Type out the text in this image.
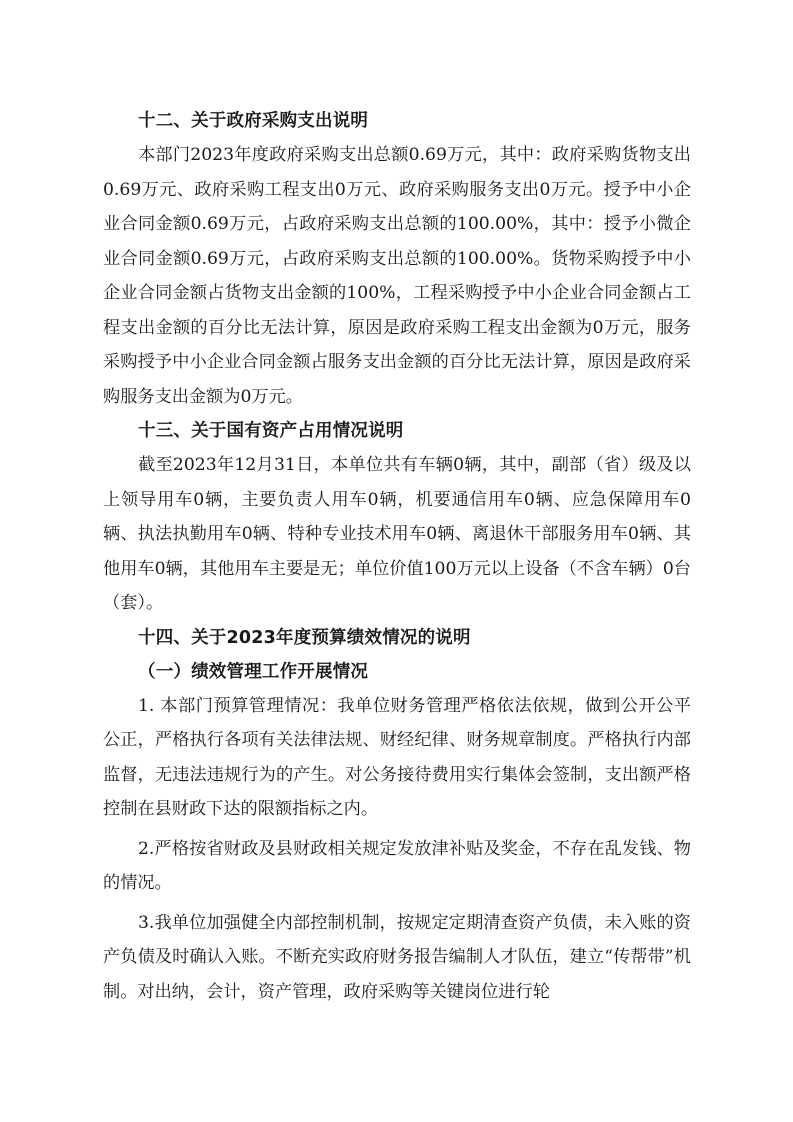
十二、关于政府采购支出说明

本部门2023年度政府采购支出总额0.69万元，其中：政府采购货物支出0.69万元、政府采购工程支出0万元、政府采购服务支出0万元。授予中小企业合同金额0.69万元，占政府采购支出总额的100.00%，其中：授予小微企业合同金额0.69万元，占政府采购支出总额的100.00%。货物采购授予中小企业合同金额占货物支出金额的100%，工程采购授予中小企业合同金额占工程支出金额的百分比无法计算，原因是政府采购工程支出金额为0万元，服务采购授予中小企业合同金额占服务支出金额的百分比无法计算，原因是政府采购服务支出金额为0万元。

十三、关于国有资产占用情况说明

截至2023年12月31日，本单位共有车辆0辆，其中，副部（省）级及以上领导用车0辆，主要负责人用车0辆，机要通信用车0辆、应急保障用车0辆、执法执勤用车0辆、特种专业技术用车0辆、离退休干部服务用车0辆、其他用车0辆，其他用车主要是无；单位价值100万元以上设备（不含车辆）0台（套）。

十四、关于2023年度预算绩效情况的说明

（一）绩效管理工作开展情况

1. 本部门预算管理情况：我单位财务管理严格依法依规，做到公开公平公正，严格执行各项有关法律法规、财经纪律、财务规章制度。严格执行内部监督，无违法违规行为的产生。对公务接待费用实行集体会签制，支出额严格控制在县财政下达的限额指标之内。

2.严格按省财政及县财政相关规定发放津补贴及奖金，不存在乱发钱、物的情况。

3.我单位加强健全内部控制机制，按规定定期清查资产负债，未入账的资产负债及时确认入账。不断充实政府财务报告编制人才队伍，建立“传帮带”机制。对出纳，会计，资产管理，政府采购等关键岗位进行轮
